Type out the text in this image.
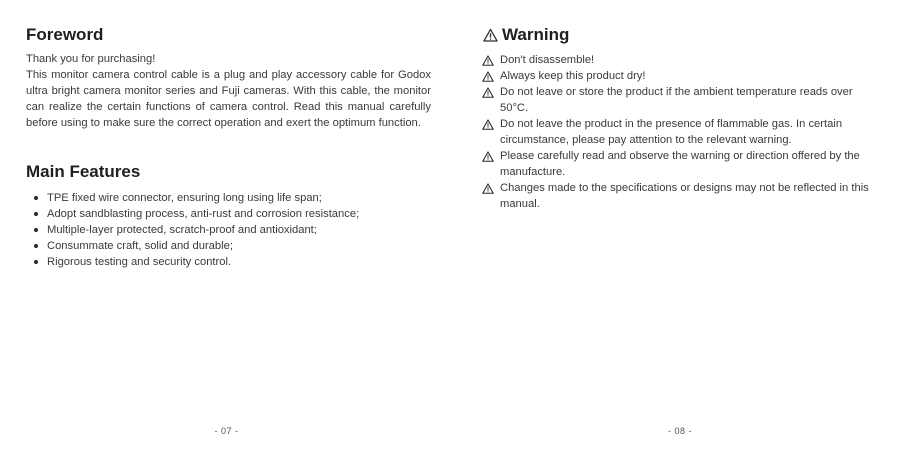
Foreword

Thank you for purchasing!

This monitor camera control cable is a plug and play accessory cable for Godox ultra bright camera monitor series and Fuji cameras. With this cable, the monitor can realize the certain functions of camera control. Read this manual carefully before using to make sure the correct operation and exert the optimum function.

Main Features
TPE fixed wire connector, ensuring long using life span;
Adopt sandblasting process, anti-rust and corrosion resistance;
Multiple-layer protected, scratch-proof and antioxidant;
Consummate craft, solid and durable;
Rigorous testing and security control.
- 07 -
Warning
Don't disassemble!
Always keep this product dry!
Do not leave or store the product if the ambient temperature reads over 50°C.
Do not leave the product in the presence of flammable gas. In certain circumstance, please pay attention to the relevant warning.
Please carefully read and observe the warning or direction offered by the manufacture.
Changes made to the specifications or designs may not be reflected in this manual.
- 08 -
